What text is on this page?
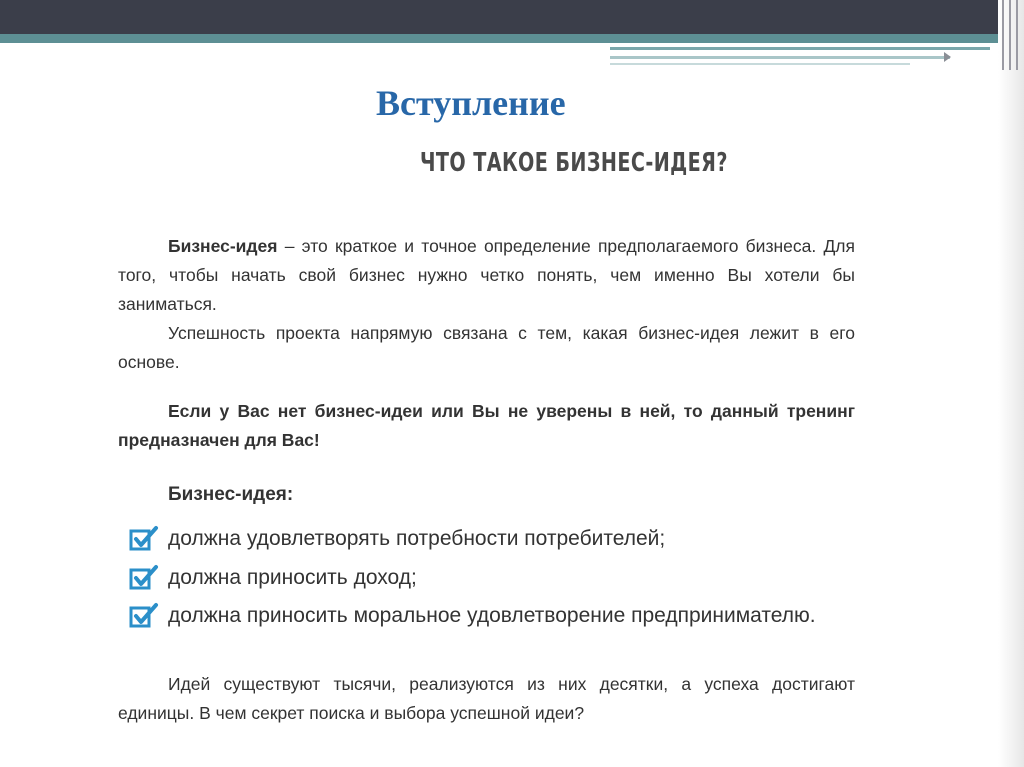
Вступление
ЧТО ТАКОЕ БИЗНЕС-ИДЕЯ?
Бизнес-идея – это краткое и точное определение предполагаемого бизнеса. Для того, чтобы начать свой бизнес нужно четко понять, чем именно Вы хотели бы заниматься.
Успешность проекта напрямую связана с тем, какая бизнес-идея лежит в его основе.
Если у Вас нет бизнес-идеи или Вы не уверены в ней, то данный тренинг предназначен для Вас!
Бизнес-идея:
должна удовлетворять потребности потребителей;
должна приносить доход;
должна приносить моральное удовлетворение предпринимателю.
Идей существуют тысячи, реализуются из них десятки, а успеха достигают единицы. В чем секрет поиска и выбора успешной идеи?
